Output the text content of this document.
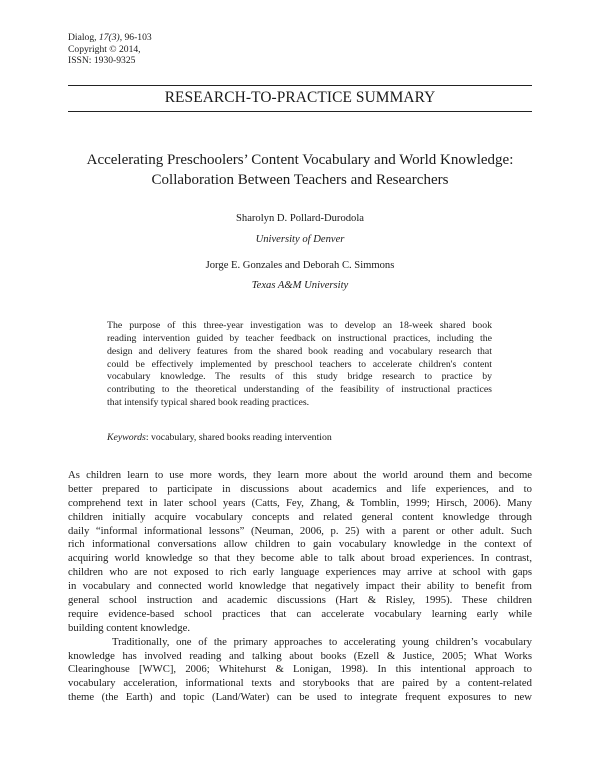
Dialog, 17(3), 96-103
Copyright © 2014,
ISSN: 1930-9325
RESEARCH-TO-PRACTICE SUMMARY
Accelerating Preschoolers’ Content Vocabulary and World Knowledge:
Collaboration Between Teachers and Researchers
Sharolyn D. Pollard-Durodola
University of Denver
Jorge E. Gonzales and Deborah C. Simmons
Texas A&M University
The purpose of this three-year investigation was to develop an 18-week shared book
reading intervention guided by teacher feedback on instructional practices, including the
design and delivery features from the shared book reading and vocabulary research that
could be effectively implemented by preschool teachers to accelerate children's content
vocabulary knowledge. The results of this study bridge research to practice by
contributing to the theoretical understanding of the feasibility of instructional practices
that intensify typical shared book reading practices.
Keywords: vocabulary, shared books reading intervention
As children learn to use more words, they learn more about the world around them and become
better prepared to participate in discussions about academics and life experiences, and to
comprehend text in later school years (Catts, Fey, Zhang, & Tomblin, 1999; Hirsch, 2006). Many
children initially acquire vocabulary concepts and related general content knowledge through
daily “informal informational lessons” (Neuman, 2006, p. 25) with a parent or other adult. Such
rich informational conversations allow children to gain vocabulary knowledge in the context of
acquiring world knowledge so that they become able to talk about broad experiences. In contrast,
children who are not exposed to rich early language experiences may arrive at school with gaps
in vocabulary and connected world knowledge that negatively impact their ability to benefit from
general school instruction and academic discussions (Hart & Risley, 1995). These children
require evidence-based school practices that can accelerate vocabulary learning early while
building content knowledge.
Traditionally, one of the primary approaches to accelerating young children’s vocabulary
knowledge has involved reading and talking about books (Ezell & Justice, 2005; What Works
Clearinghouse [WWC], 2006; Whitehurst & Lonigan, 1998). In this intentional approach to
vocabulary acceleration, informational texts and storybooks that are paired by a content-related
theme (the Earth) and topic (Land/Water) can be used to integrate frequent exposures to new
